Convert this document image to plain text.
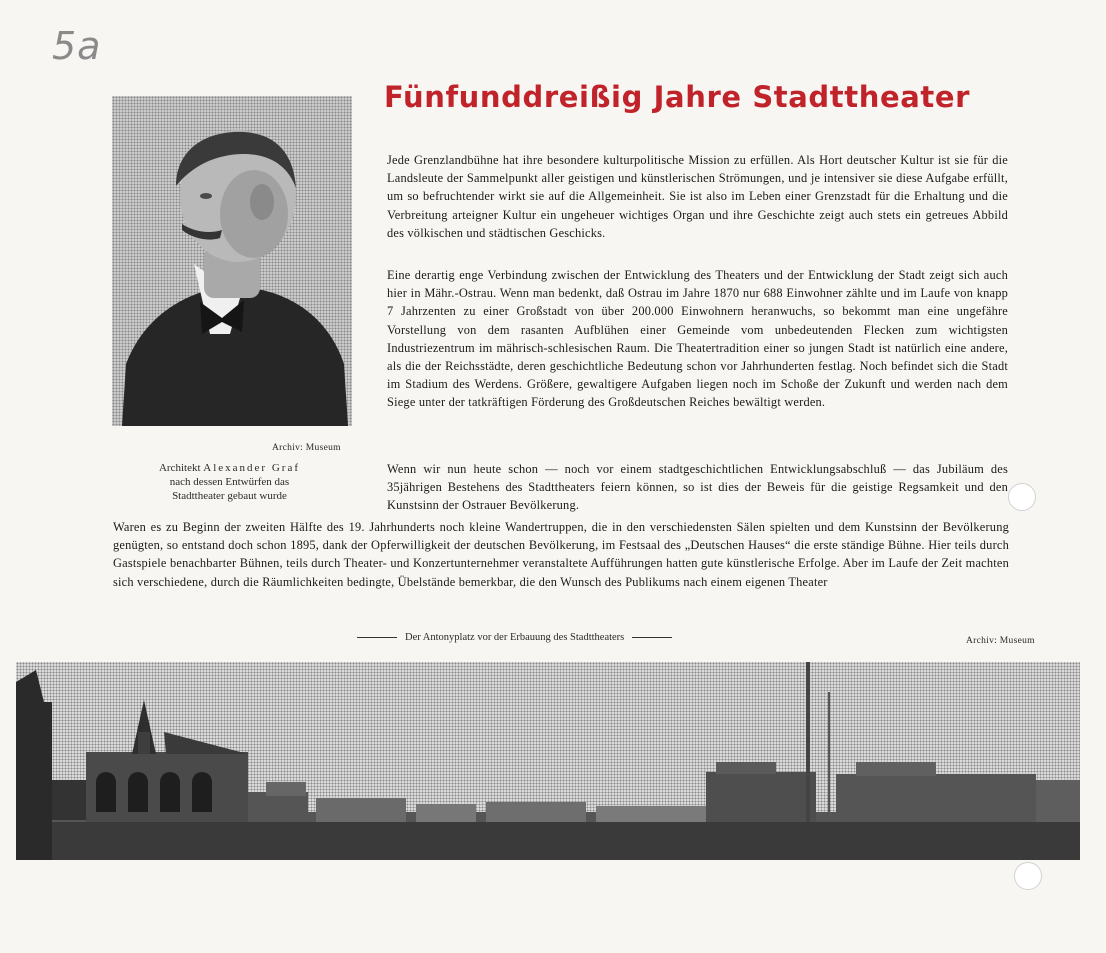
5a
Archiv: Museum
Architekt Alexander Graf
nach dessen Entwürfen das
Stadttheater gebaut wurde
Fünfunddreißig Jahre Stadttheater

Jede Grenzlandbühne hat ihre besondere kulturpolitische Mission zu erfüllen. Als Hort deutscher Kultur ist sie für die Landsleute der Sammelpunkt aller geistigen und künstlerischen Strömungen, und je intensiver sie diese Aufgabe erfüllt, um so befruchtender wirkt sie auf die Allgemeinheit. Sie ist also im Leben einer Grenzstadt für die Erhaltung und die Verbreitung arteigner Kultur ein ungeheuer wichtiges Organ und ihre Geschichte zeigt auch stets ein getreues Abbild des völkischen und städtischen Geschicks.

Eine derartig enge Verbindung zwischen der Entwicklung des Theaters und der Entwicklung der Stadt zeigt sich auch hier in Mähr.-Ostrau. Wenn man bedenkt, daß Ostrau im Jahre 1870 nur 688 Einwohner zählte und im Laufe von knapp 7 Jahrzenten zu einer Großstadt von über 200.000 Einwohnern heranwuchs, so bekommt man eine ungefähre Vorstellung von dem rasanten Aufblühen einer Gemeinde vom unbedeutenden Flecken zum wichtigsten Industriezentrum im mährisch-schlesischen Raum. Die Theatertradition einer so jungen Stadt ist natürlich eine andere, als die der Reichsstädte, deren geschichtliche Bedeutung schon vor Jahrhunderten festlag. Noch befindet sich die Stadt im Stadium des Werdens. Größere, gewaltigere Aufgaben liegen noch im Schoße der Zukunft und werden nach dem Siege unter der tatkräftigen Förderung des Großdeutschen Reiches bewältigt werden.

Wenn wir nun heute schon — noch vor einem stadtgeschichtlichen Entwicklungsabschluß — das Jubiläum des 35jährigen Bestehens des Stadttheaters feiern können, so ist dies der Beweis für die geistige Regsamkeit und den Kunstsinn der Ostrauer Bevölkerung.

Waren es zu Beginn der zweiten Hälfte des 19. Jahrhunderts noch kleine Wandertruppen, die in den verschiedensten Sälen spielten und dem Kunstsinn der Bevölkerung genügten, so entstand doch schon 1895, dank der Opferwilligkeit der deutschen Bevölkerung, im Festsaal des „Deutschen Hauses“ die erste ständige Bühne. Hier teils durch Gastspiele benachbarter Bühnen, teils durch Theater- und Konzertunternehmer veranstaltete Aufführungen hatten gute künstlerische Erfolge. Aber im Laufe der Zeit machten sich verschiedene, durch die Räumlichkeiten bedingte, Übelstände bemerkbar, die den Wunsch des Publikums nach einem eigenen Theater

Der Antonyplatz vor der Erbauung des Stadttheaters	Archiv: Museum
